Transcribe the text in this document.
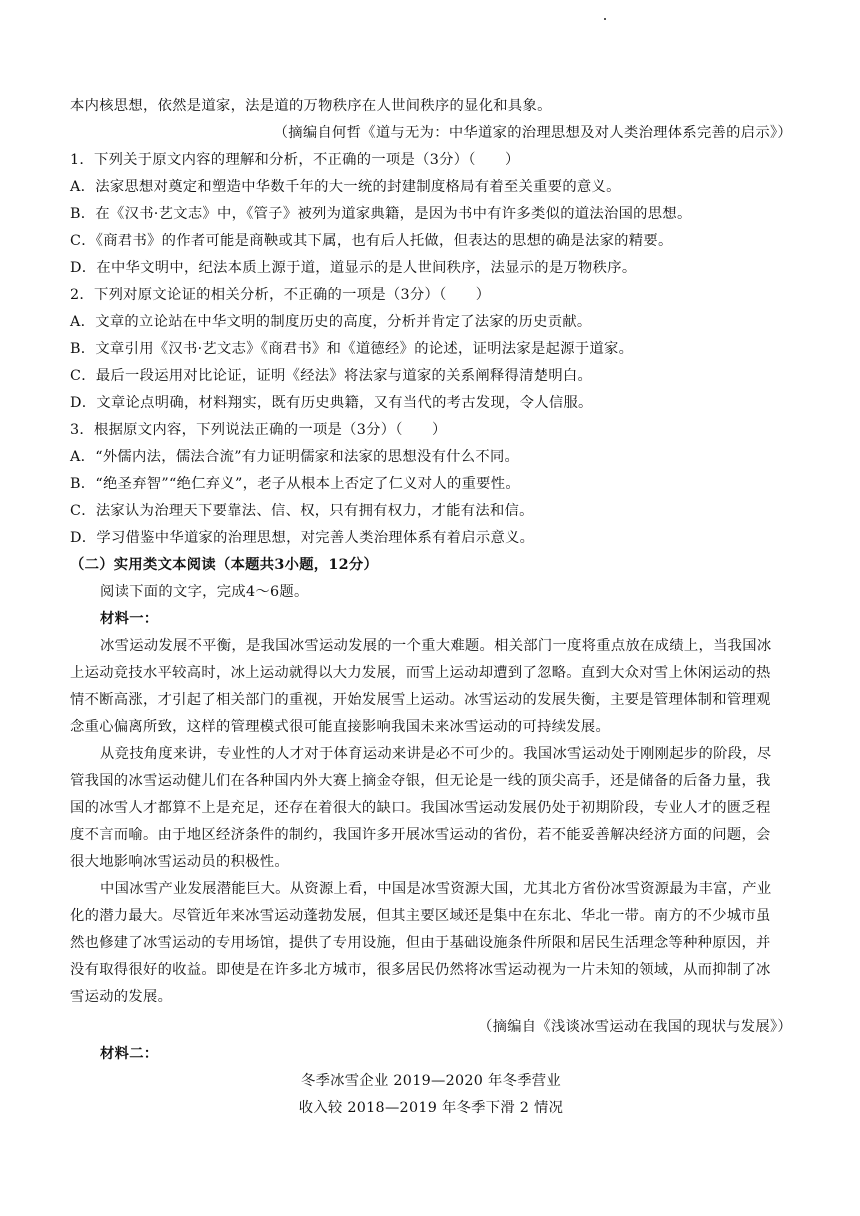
本内核思想，依然是道家，法是道的万物秩序在人世间秩序的显化和具象。
（摘编自何哲《道与无为：中华道家的治理思想及对人类治理体系完善的启示》）
1．下列关于原文内容的理解和分析，不正确的一项是（3分）（　　）
A．法家思想对奠定和塑造中华数千年的大一统的封建制度格局有着至关重要的意义。
B．在《汉书·艺文志》中，《管子》被列为道家典籍，是因为书中有许多类似的道法治国的思想。
C．《商君书》的作者可能是商鞅或其下属，也有后人托做，但表达的思想的确是法家的精要。
D．在中华文明中，纪法本质上源于道，道显示的是人世间秩序，法显示的是万物秩序。
2．下列对原文论证的相关分析，不正确的一项是（3分）（　　）
A．文章的立论站在中华文明的制度历史的高度，分析并肯定了法家的历史贡献。
B．文章引用《汉书·艺文志》《商君书》和《道德经》的论述，证明法家是起源于道家。
C．最后一段运用对比论证，证明《经法》将法家与道家的关系阐释得清楚明白。
D．文章论点明确，材料翔实，既有历史典籍，又有当代的考古发现，令人信服。
3．根据原文内容，下列说法正确的一项是（3分）（　　）
A．“外儒内法，儒法合流”有力证明儒家和法家的思想没有什么不同。
B．“绝圣弃智”“绝仁弃义”，老子从根本上否定了仁义对人的重要性。
C．法家认为治理天下要靠法、信、权，只有拥有权力，才能有法和信。
D．学习借鉴中华道家的治理思想，对完善人类治理体系有着启示意义。
（二）实用类文本阅读（本题共3小题，12分）
阅读下面的文字，完成4～6题。
材料一：
冰雪运动发展不平衡，是我国冰雪运动发展的一个重大难题。相关部门一度将重点放在成绩上，当我国冰
上运动竞技水平较高时，冰上运动就得以大力发展，而雪上运动却遭到了忽略。直到大众对雪上休闲运动的热
情不断高涨，才引起了相关部门的重视，开始发展雪上运动。冰雪运动的发展失衡，主要是管理体制和管理观
念重心偏离所致，这样的管理模式很可能直接影响我国未来冰雪运动的可持续发展。
从竞技角度来讲，专业性的人才对于体育运动来讲是必不可少的。我国冰雪运动处于刚刚起步的阶段，尽
管我国的冰雪运动健儿们在各种国内外大赛上摘金夺银，但无论是一线的顶尖高手，还是储备的后备力量，我
国的冰雪人才都算不上是充足，还存在着很大的缺口。我国冰雪运动发展仍处于初期阶段，专业人才的匮乏程
度不言而喻。由于地区经济条件的制约，我国许多开展冰雪运动的省份，若不能妥善解决经济方面的问题，会
很大地影响冰雪运动员的积极性。
中国冰雪产业发展潜能巨大。从资源上看，中国是冰雪资源大国，尤其北方省份冰雪资源最为丰富，产业
化的潜力最大。尽管近年来冰雪运动蓬勃发展，但其主要区域还是集中在东北、华北一带。南方的不少城市虽
然也修建了冰雪运动的专用场馆，提供了专用设施，但由于基础设施条件所限和居民生活理念等种种原因，并
没有取得很好的收益。即使是在许多北方城市，很多居民仍然将冰雪运动视为一片未知的领域，从而抑制了冰
雪运动的发展。
（摘编自《浅谈冰雪运动在我国的现状与发展》）
材料二：
冬季冰雪企业 2019—2020 年冬季营业
收入较 2018—2019 年冬季下滑 2 情况
